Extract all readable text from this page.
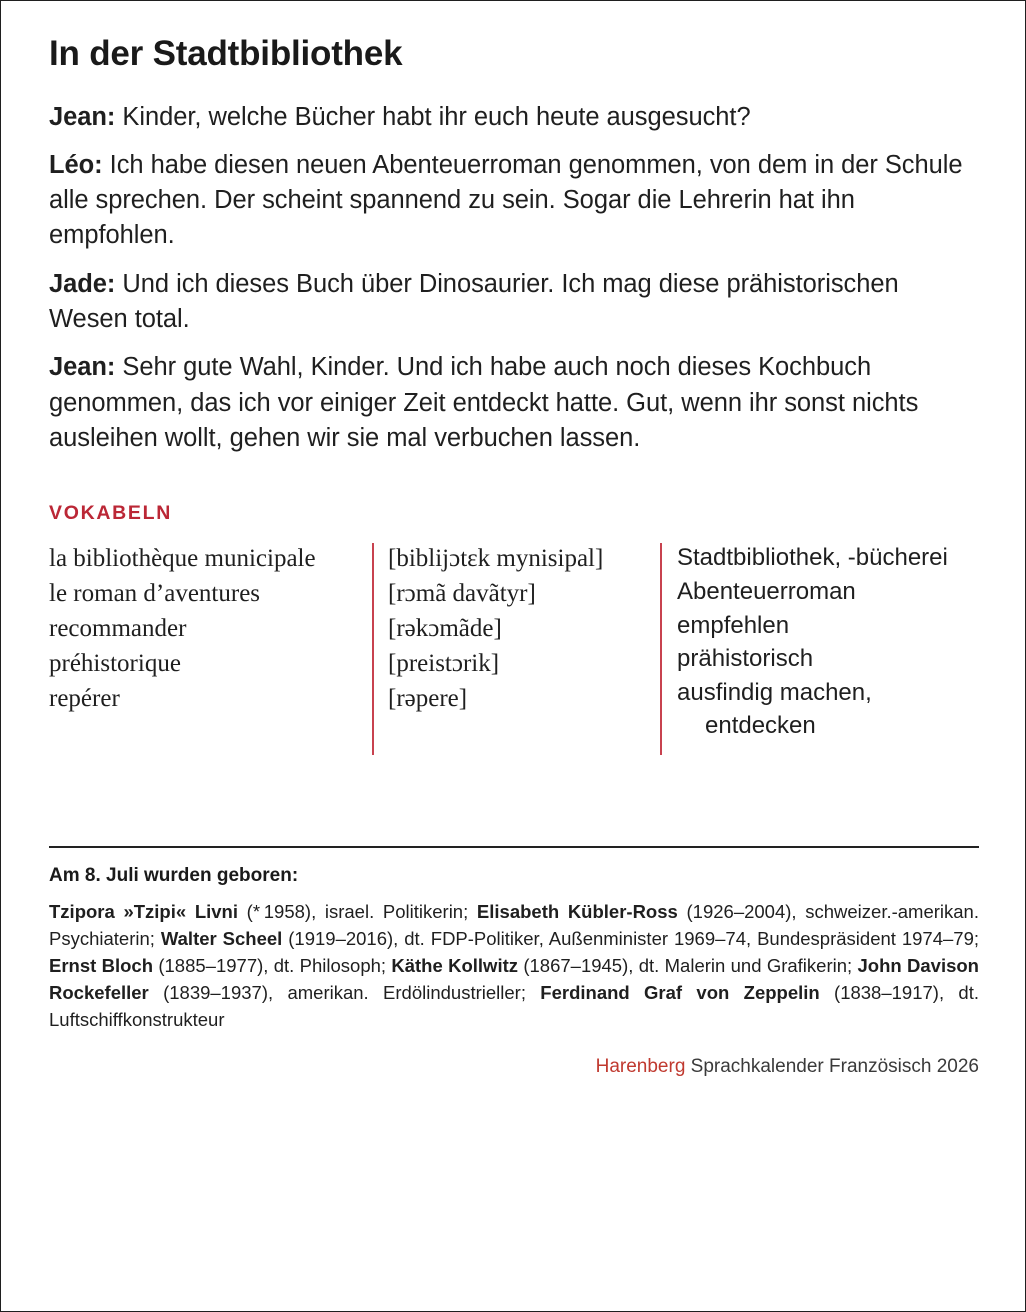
In der Stadtbibliothek

Jean: Kinder, welche Bücher habt ihr euch heute ausgesucht?

Léo: Ich habe diesen neuen Abenteuerroman genommen, von dem in der Schule alle sprechen. Der scheint spannend zu sein. Sogar die Lehrerin hat ihn empfohlen.

Jade: Und ich dieses Buch über Dinosaurier. Ich mag diese prähistorischen Wesen total.

Jean: Sehr gute Wahl, Kinder. Und ich habe auch noch dieses Kochbuch genommen, das ich vor einiger Zeit entdeckt hatte. Gut, wenn ihr sonst nichts ausleihen wollt, gehen wir sie mal verbuchen lassen.

VOKABELN
la bibliothèque municipale
le roman d’aventures
recommander
préhistorique
repérer

[biblijɔtɛk mynisipal]
[rɔmã davãtyr]
[rəkɔmãde]
[preistɔrik]
[rəpere]

Stadtbibliothek, -bücherei
Abenteuerroman
empfehlen
prähistorisch
ausfindig machen,
entdecken
Am 8. Juli wurden geboren:

Tzipora »Tzipi« Livni (* 1958), israel. Politikerin; Elisabeth Kübler-Ross (1926–2004), schweizer.-amerikan. Psychiaterin; Walter Scheel (1919–2016), dt. FDP-Politiker, Außenminister 1969–74, Bundespräsident 1974–79; Ernst Bloch (1885–1977), dt. Philosoph; Käthe Kollwitz (1867–1945), dt. Malerin und Grafikerin; John Davison Rockefeller (1839–1937), amerikan. Erdölindustrieller; Ferdinand Graf von Zeppelin (1838–1917), dt. Luftschiffkonstrukteur

Harenberg Sprachkalender Französisch 2026
